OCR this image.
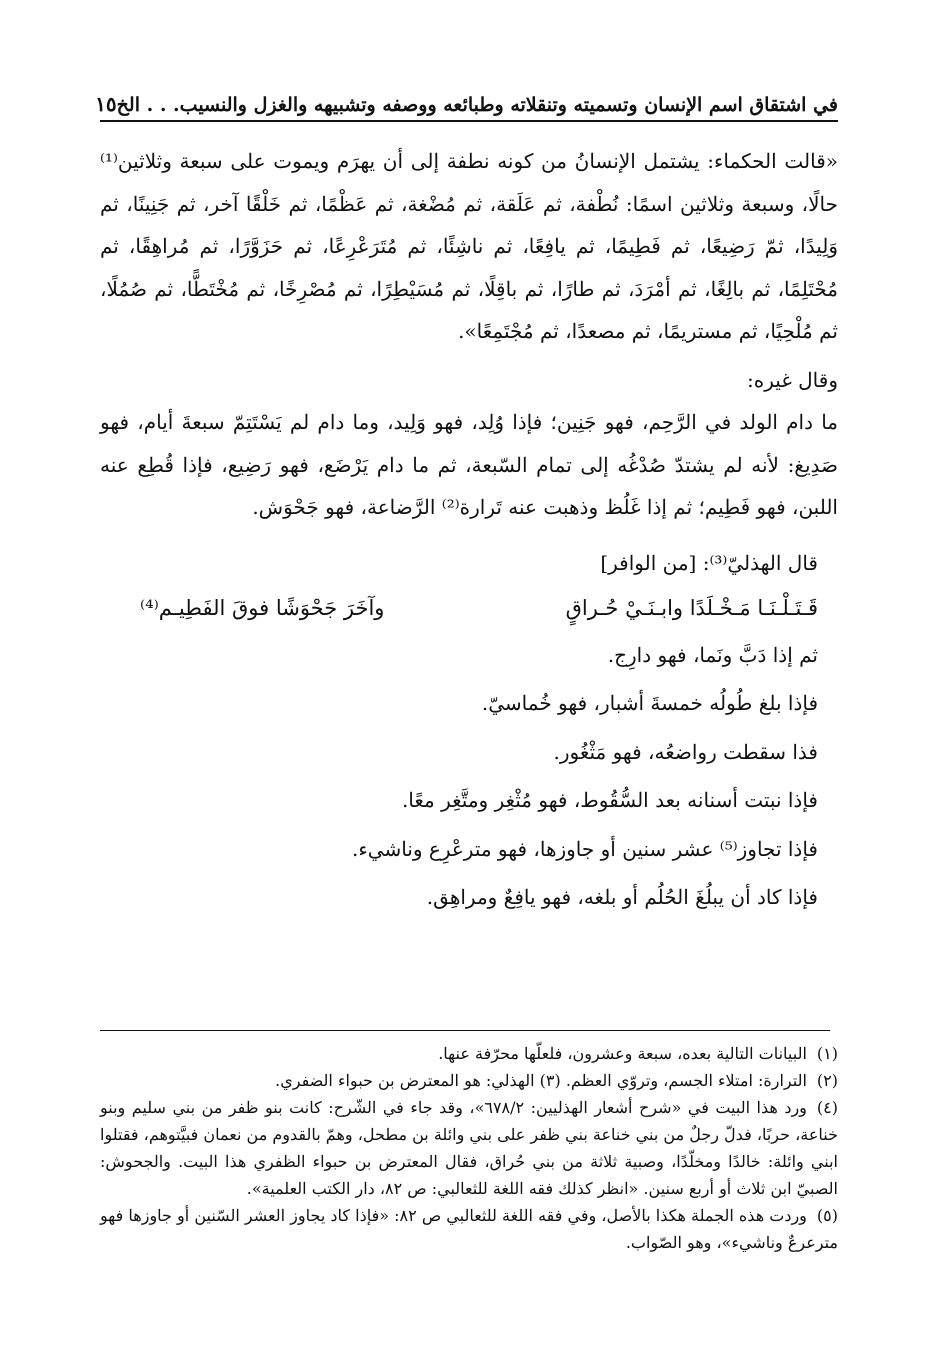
في اشتقاق اسم الإنسان وتسميته وتنقلاته وطبائعه ووصفه وتشبيهه والغزل والنسيب. . . الخ
١٥

«قالت الحكماء: يشتمل الإنسانُ من كونه نطفة إلى أن يهرَم ويموت على سبعة وثلاثين⁽¹⁾ حالًا، وسبعة وثلاثين اسمًا: نُطْفة، ثم عَلَقة، ثم مُضْغة، ثم عَظْمًا، ثم خَلْقًا آخر، ثم جَنِينًا، ثم وَلِيدًا، ثمّ رَضِيعًا، ثم فَطِيمًا، ثم يافِعًا، ثم ناشِئًا، ثم مُتَرَعْرِعًا، ثم حَزَوَّرًا، ثم مُراهِقًا، ثم مُحْتَلِمًا، ثم بالِغًا، ثم أمْرَدَ، ثم طارًا، ثم باقِلًا، ثم مُسَيْطِرًا، ثم مُصْرِخًا، ثم مُخْتَطًّا، ثم صُمُلًا، ثم مُلْحِيًا، ثم مستريمًا، ثم مصعدًا، ثم مُجْتَمِعًا».

وقال غيره:

ما دام الولد في الرَّحِم، فهو جَنِين؛ فإذا وُلِد، فهو وَلِيد، وما دام لم يَسْتَتِمّ سبعةَ أيام، فهو صَدِيغ: لأنه لم يشتدّ صُدْغُه إلى تمام السّبعة، ثم ما دام يَرْضَع، فهو رَضِيع، فإذا قُطِع عنه اللبن، فهو فَطِيم؛ ثم إذا غَلُظ وذهبت عنه تَرارة⁽²⁾ الرَّضاعة، فهو جَحْوَش.

قال الهذليّ⁽³⁾: [من الوافر]
قَـتَـلْـنَـا مَـخْـلَدًا وابـنَـيْ حُـراقٍ
وآخَرَ جَحْوَشًا فوقَ الفَطِيـم⁽⁴⁾
ثم إذا دَبَّ ونَما، فهو دارِج.
فإذا بلغ طُولُه خمسةَ أشبار، فهو خُماسيّ.
فذا سقطت رواضعُه، فهو مَثْغُور.
فإذا نبتت أسنانه بعد السُّقُوط، فهو مُثْغِر ومتَّغِر معًا.
فإذا تجاوز⁽⁵⁾ عشر سنين أو جاوزها، فهو مترعْرِع وناشيء.
فإذا كاد أن يبلُغَ الحُلُم أو بلغه، فهو يافِعٌ ومراهِق.

(١)البيانات التالية بعده، سبعة وعشرون، فلعلّها محرّفة عنها.

(٢)الترارة: امتلاء الجسم، وتروّي العظم. (٣) الهذلي: هو المعترض بن حبواء الضفري.

(٤)ورد هذا البيت في «شرح أشعار الهذليين: ٦٧٨/٢»، وقد جاء في الشّرح: كانت بنو ظفر من بني سليم وبنو خناعة، حربًا، فدلّ رجلٌ من بني خناعة بني ظفر على بني وائلة بن مطحل، وهمّ بالقدوم من نعمان فبيَّتوهم، فقتلوا ابني وائلة: خالدًا ومخلّدًا، وصبية ثلاثة من بني حُراق، فقال المعترض بن حبواء الظفري هذا البيت. والجحوش: الصبيّ ابن ثلاث أو أربع سنين. «انظر كذلك فقه اللغة للثعالبي: ص ٨٢، دار الكتب العلمية».

(٥)وردت هذه الجملة هكذا بالأصل، وفي فقه اللغة للثعالبي ص ٨٢: «فإذا كاد يجاوز العشر السّنين أو جاوزها فهو مترعرعٌ وناشيء»، وهو الصّواب.
